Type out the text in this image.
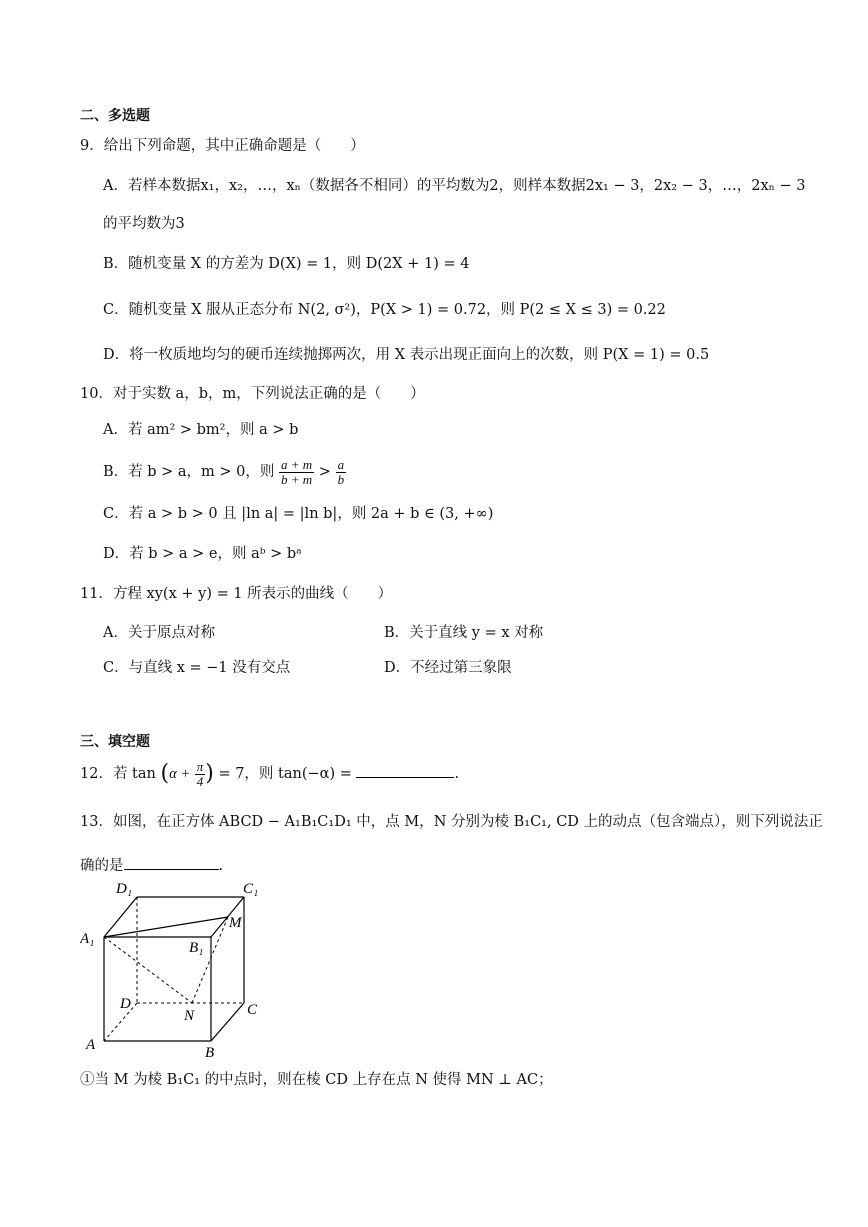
二、多选题
9．给出下列命题，其中正确命题是（　　）
A．若样本数据x₁，x₂，…，xₙ（数据各不相同）的平均数为2，则样本数据2x₁ − 3，2x₂ − 3，…，2xₙ − 3
的平均数为3
B．随机变量 X 的方差为 D(X) = 1，则 D(2X + 1) = 4
C．随机变量 X 服从正态分布 N(2, σ²)，P(X > 1) = 0.72，则 P(2 ≤ X ≤ 3) = 0.22
D．将一枚质地均匀的硬币连续抛掷两次，用 X 表示出现正面向上的次数，则 P(X = 1) = 0.5
10．对于实数 a，b，m，下列说法正确的是（　　）
A．若 am² > bm²，则 a > b
B．若 b > a，m > 0，则 $\frac{a + m}{b + m} > \frac{a}{b}$
C．若 a > b > 0 且 |ln a| = |ln b|，则 2a + b ∈ (3, +∞)
D．若 b > a > e，则 aᵇ > bᵃ
11．方程 xy(x + y) = 1 所表示的曲线（　　）
A．关于原点对称	B．关于直线 y = x 对称
C．与直线 x = −1 没有交点	D．不经过第三象限
三、填空题
12．若 $\tan (\alpha + \frac{\pi}{4}$ ) = 7，则 tan(−α) =	.
13．如图，在正方体 ABCD − A₁B₁C₁D₁ 中，点 M，N 分别为棱 B₁C₁, CD 上的动点（包含端点），则下列说法正
确的是	.
D₁	C₁
A₁
B₁
M
D
N	C
A	B
①当 M 为棱 B₁C₁ 的中点时，则在棱 CD 上存在点 N 使得 MN ⊥ AC；
